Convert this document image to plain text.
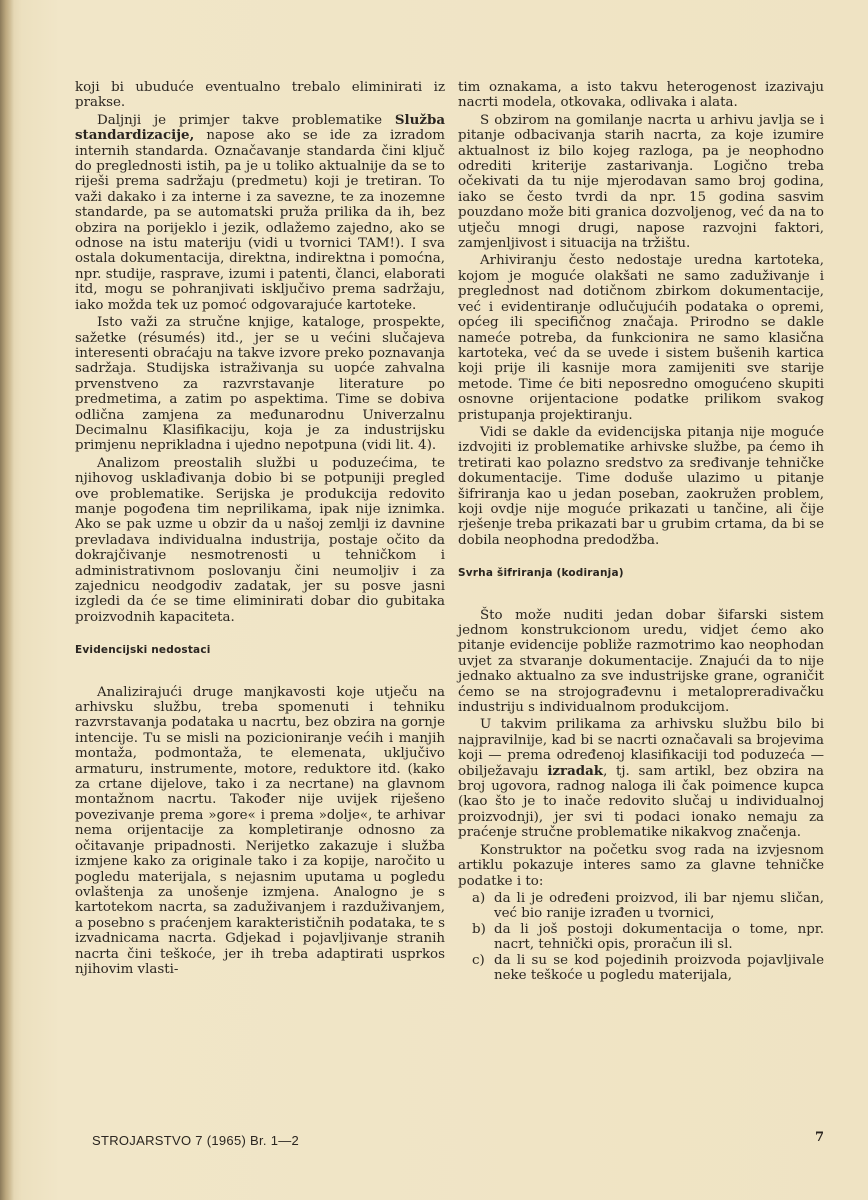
koji bi ubuduće eventualno trebalo eliminirati iz prakse.

Daljnji je primjer takve problematike Služba standardizacije, napose ako se ide za izradom internih standarda. Označavanje standarda čini ključ do preglednosti istih, pa je u toliko aktualnije da se to riješi prema sadržaju (predmetu) koji je tretiran. To važi dakako i za interne i za savezne, te za inozemne standarde, pa se automatski pruža prilika da ih, bez obzira na porijeklo i jezik, odlažemo zajedno, ako se odnose na istu materiju (vidi u tvornici TAM!). I sva ostala dokumentacija, direktna, indirektna i pomoćna, npr. studije, rasprave, izumi i patenti, članci, elaborati itd, mogu se pohranjivati isključivo prema sadržaju, iako možda tek uz pomoć odgovarajuće kartoteke.

Isto važi za stručne knjige, kataloge, prospekte, sažetke (résumés) itd., jer se u većini slučajeva interesenti obraćaju na takve izvore preko poznavanja sadržaja. Studijska istraživanja su uopće zahvalna prvenstveno za razvrstavanje literature po predmetima, a zatim po aspektima. Time se dobiva odlična zamjena za međunarodnu Univerzalnu Decimalnu Klasifikaciju, koja je za industrijsku primjenu neprikladna i ujedno nepotpuna (vidi lit. 4).

Analizom preostalih službi u poduzećima, te njihovog usklađivanja dobio bi se potpuniji pregled ove problematike. Serijska je produkcija redovito manje pogođena tim neprilikama, ipak nije iznimka. Ako se pak uzme u obzir da u našoj zemlji iz davnine prevladava individualna industrija, postaje očito da dokrajčivanje nesmotrenosti u tehničkom i administrativnom poslovanju čini neumoljiv i za zajednicu neodgodiv zadatak, jer su posve jasni izgledi da će se time eliminirati dobar dio gubitaka proizvodnih kapaciteta.

Evidencijski nedostaci

Analizirajući druge manjkavosti koje utječu na arhivsku službu, treba spomenuti i tehniku razvrstavanja podataka u nacrtu, bez obzira na gornje intencije. Tu se misli na pozicioniranje većih i manjih montaža, podmontaža, te elemenata, uključivo armaturu, instrumente, motore, reduktore itd. (kako za crtane dijelove, tako i za necrtane) na glavnom montažnom nacrtu. Također nije uvijek riješeno povezivanje prema »gore« i prema »dolje«, te arhivar nema orijentacije za kompletiranje odnosno za očitavanje pripadnosti. Nerijetko zakazuje i služba izmjene kako za originale tako i za kopije, naročito u pogledu materijala, s nejasnim uputama u pogledu ovlaštenja za unošenje izmjena. Analogno je s kartotekom nacrta, sa zaduživanjem i razduživanjem, a posebno s praćenjem karakterističnih podataka, te s izvadnicama nacrta. Gdjekad i pojavljivanje stranih nacrta čini teškoće, jer ih treba adaptirati usprkos njihovim vlasti-

tim oznakama, a isto takvu heterogenost izazivaju nacrti modela, otkovaka, odlivaka i alata.

S obzirom na gomilanje nacrta u arhivu javlja se i pitanje odbacivanja starih nacrta, za koje izumire aktualnost iz bilo kojeg razloga, pa je neophodno odrediti kriterije zastarivanja. Logično treba očekivati da tu nije mjerodavan samo broj godina, iako se često tvrdi da npr. 15 godina sasvim pouzdano može biti granica dozvoljenog, već da na to utječu mnogi drugi, napose razvojni faktori, zamjenljivost i situacija na tržištu.

Arhiviranju često nedostaje uredna kartoteka, kojom je moguće olakšati ne samo zaduživanje i preglednost nad dotičnom zbirkom dokumentacije, već i evidentiranje odlučujućih podataka o opremi, općeg ili specifičnog značaja. Prirodno se dakle nameće potreba, da funkcionira ne samo klasična kartoteka, već da se uvede i sistem bušenih kartica koji prije ili kasnije mora zamijeniti sve starije metode. Time će biti neposredno omogućeno skupiti osnovne orijentacione podatke prilikom svakog pristupanja projektiranju.

Vidi se dakle da evidencijska pitanja nije moguće izdvojiti iz problematike arhivske službe, pa ćemo ih tretirati kao polazno sredstvo za sređivanje tehničke dokumentacije. Time dodušе ulazimo u pitanje šifriranja kao u jedan poseban, zaokružen problem, koji ovdje nije moguće prikazati u tančine, ali čije rješenje treba prikazati bar u grubim crtama, da bi se dobila neophodna predodžba.

Svrha šifriranja (kodiranja)

Što može nuditi jedan dobar šifarski sistem jednom konstrukcionom uredu, vidjet ćemo ako pitanje evidencije pobliže razmotrimo kao neophodan uvjet za stvaranje dokumentacije. Znajući da to nije jednako aktualno za sve industrijske grane, ograničit ćemo se na strojograđevnu i metalopreradivačku industriju s individualnom produkcijom.

U takvim prilikama za arhivsku službu bilo bi najpravilnije, kad bi se nacrti označavali sa brojevima koji — prema određenoj klasifikaciji tod poduzeća — obilježavaju izradak, tj. sam artikl, bez obzira na broj ugovora, radnog naloga ili čak poimence kupca (kao što je to inače redovito slučaj u individualnoj proizvodnji), jer svi ti podaci ionako nemaju za praćenje stručne problematike nikakvog značenja.

Konstruktor na početku svog rada na izvjesnom artiklu pokazuje interes samo za glavne tehničke podatke i to:

a) da li je određeni proizvod, ili bar njemu sličan, već bio ranije izrađen u tvornici,
b) da li još postoji dokumentacija o tome, npr. nacrt, tehnički opis, proračun ili sl.
c) da li su se kod pojedinih proizvoda pojavljivale neke teškoće u pogledu materijala,
STROJARSTVO 7 (1965) Br. 1—2	7
